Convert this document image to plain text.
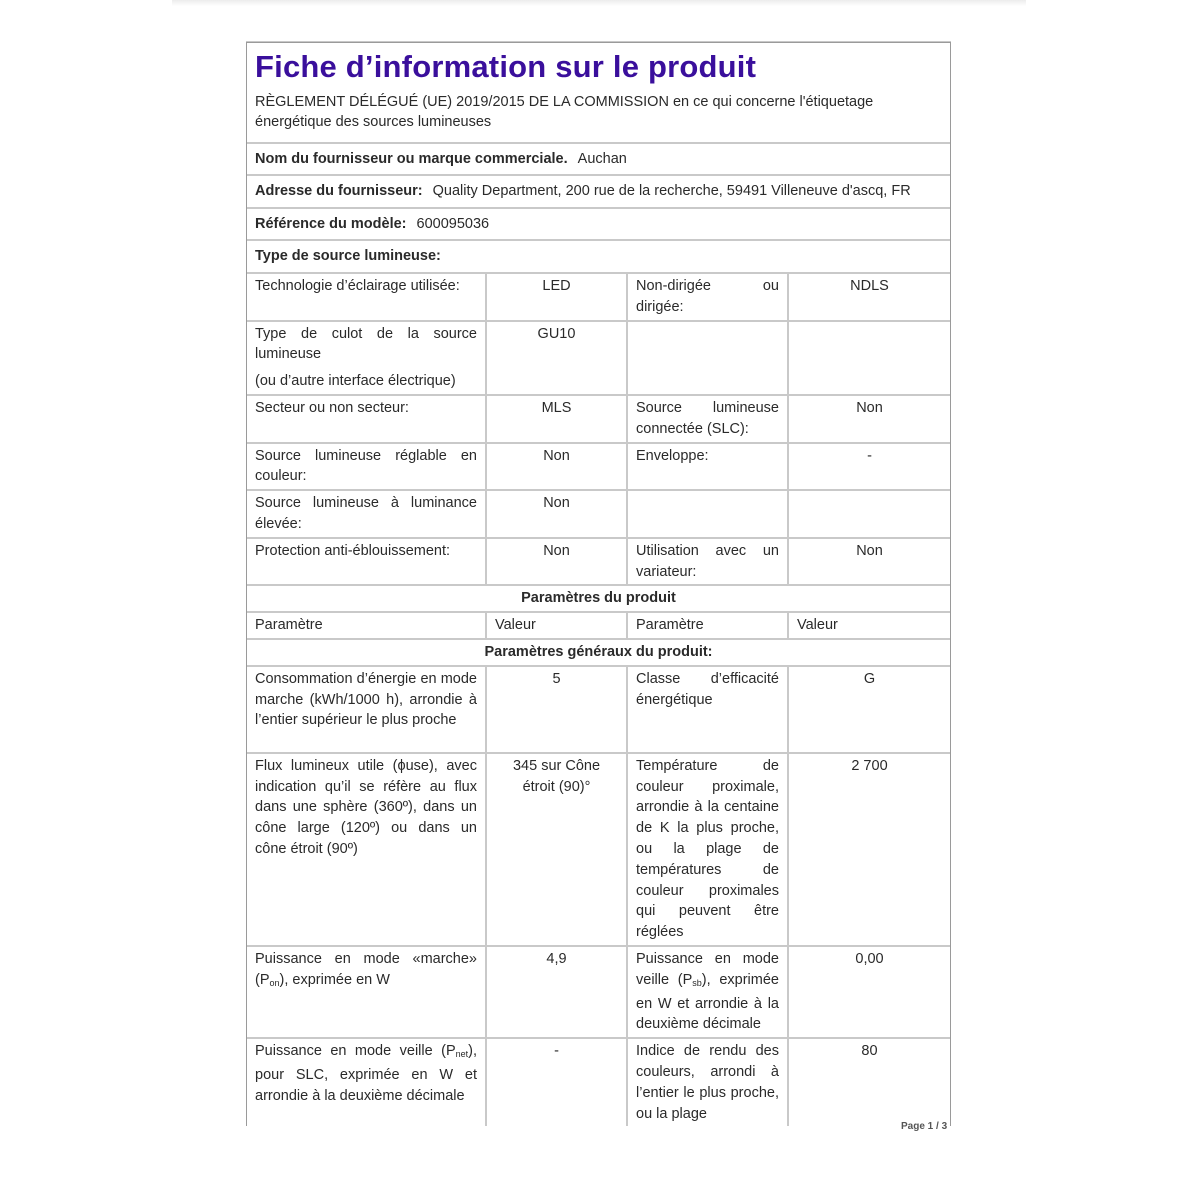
Fiche d’information sur le produit
RÈGLEMENT DÉLÉGUÉ (UE) 2019/2015 DE LA COMMISSION en ce qui concerne l'étiquetage énergétique des sources lumineuses
Nom du fournisseur ou marque commerciale. Auchan
Adresse du fournisseur: Quality Department, 200 rue de la recherche, 59491 Villeneuve d'ascq, FR
Référence du modèle: 600095036
Type de source lumineuse:
Technologie d’éclairage utilisée:	LED	Non-dirigée ou dirigée:	NDLS

Type de culot de la source lumineuse
(ou d’autre interface électrique)	GU10		
Secteur ou non secteur:	MLS	Source lumineuse connectée (SLC):	Non
Source lumineuse réglable en couleur:	Non	Enveloppe:	-
Source lumineuse à luminance élevée:	Non		
Protection anti-éblouissement:	Non	Utilisation avec un variateur:	Non
Paramètres du produit			
Paramètre	Valeur	Paramètre	Valeur
Paramètres généraux du produit:			
Consommation d’énergie en mode marche (kWh/1000 h), arrondie à l’entier supérieur le plus proche	5	Classe d’efficacité énergétique	G
Flux lumineux utile (ϕuse), avec indication qu’il se réfère au flux dans une sphère (360º), dans un cône large (120º) ou dans un cône étroit (90º)	345 sur Cône étroit (90)°	Température de couleur proximale, arrondie à la centaine de K la plus proche, ou la plage de températures de couleur proximales qui peuvent être réglées	2 700
Puissance en mode «marche» $(P_{on})$, exprimée en W	4,9	Puissance en mode veille $(P_{sb})$, exprimée en W et arrondie à la deuxième décimale	0,00
Puissance en mode veille $(P_{net})$, pour SLC, exprimée en W et arrondie à la deuxième décimale	-	Indice de rendu des couleurs, arrondi à l’entier le plus proche, ou la plage	80
Page 1 / 3
